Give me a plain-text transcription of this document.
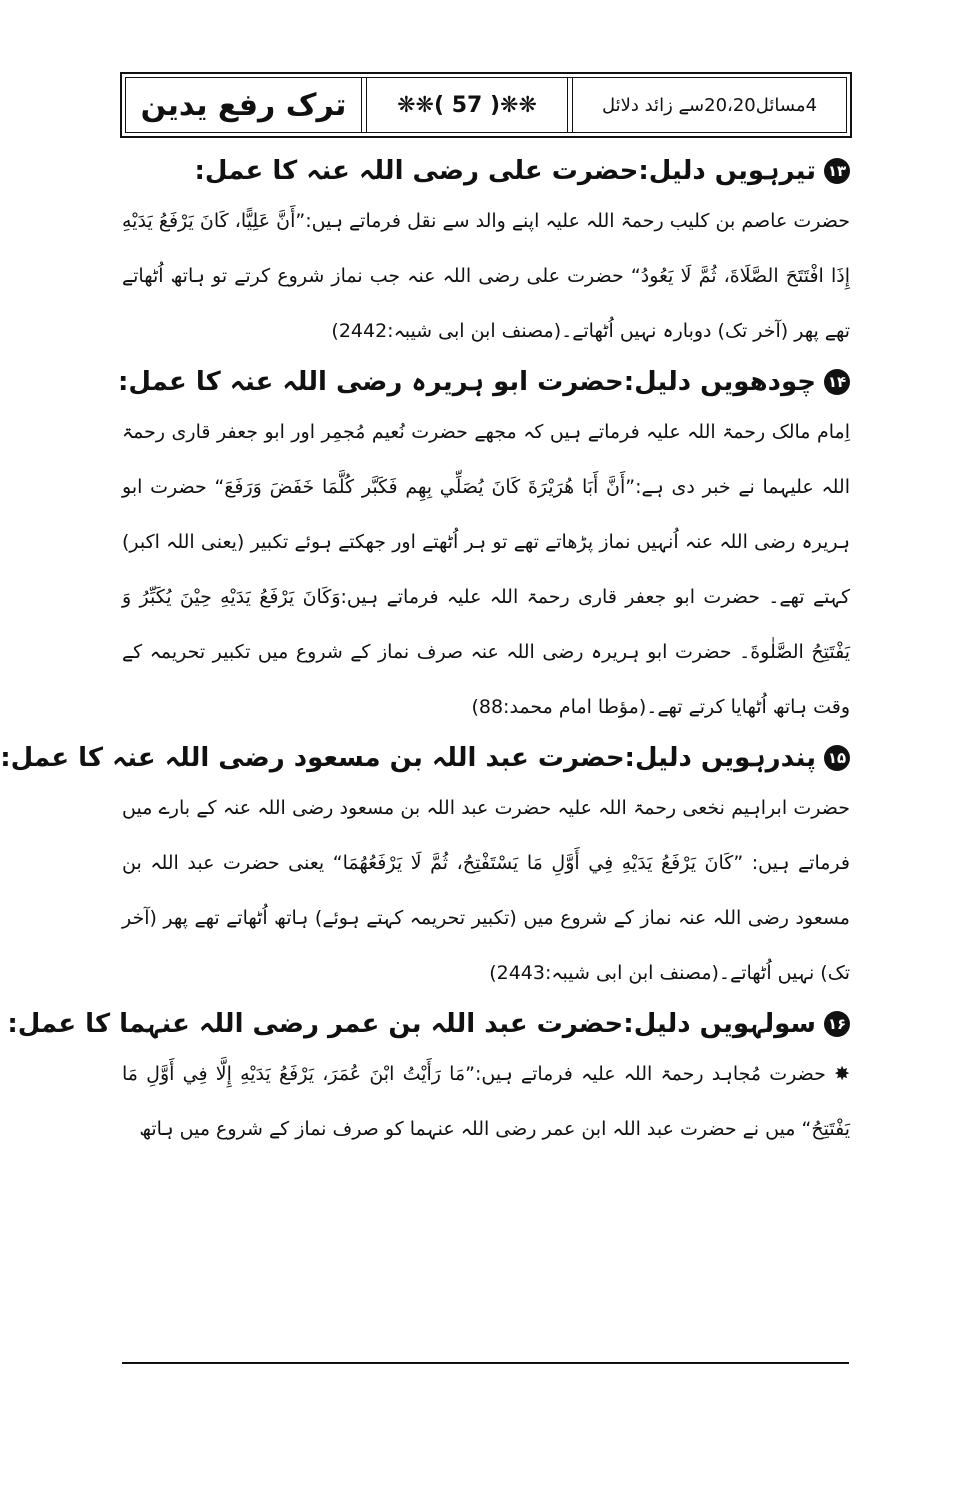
ترک رفع یدین	❋❋( 57 )❋❋	4مسائل20،20سے زائد دلائل
۱۳
تیرہویں دلیل:حضرت علی رضی اللہ عنہ کا عمل:

حضرت عاصم بن کلیب رحمۃ اللہ علیہ اپنے والد سے نقل فرماتے ہیں:”أَنَّ عَلِيًّا، كَانَ يَرْفَعُ يَدَيْهِ إِذَا افْتَتَحَ الصَّلَاةَ، ثُمَّ لَا يَعُودُ“ حضرت علی رضی اللہ عنہ جب نماز شروع کرتے تو ہاتھ اُٹھاتے تھے پھر (آخر تک) دوبارہ نہیں اُٹھاتے۔(مصنف ابن ابی شیبہ:2442)

۱۴
چودھویں دلیل:حضرت ابو ہریرہ رضی اللہ عنہ کا عمل:

اِمام مالک رحمۃ اللہ علیہ فرماتے ہیں کہ مجھے حضرت نُعیم مُجمِر اور ابو جعفر قاری رحمۃ اللہ علیہما نے خبر دی ہے:”أَنَّ أَبَا هُرَيْرَةَ كَانَ يُصَلِّي بِهِم فَكَبَّر كُلَّمَا خَفَضَ وَرَفَعَ“ حضرت ابو ہریرہ رضی اللہ عنہ اُنہیں نماز پڑھاتے تھے تو ہر اُٹھتے اور جھکتے ہوئے تکبیر (یعنی اللہ اکبر) کہتے تھے۔ حضرت ابو جعفر قاری رحمۃ اللہ علیہ فرماتے ہیں:وَكَانَ يَرْفَعُ يَدَيْهِ حِيْنَ يُكَبِّرُ وَ يَفْتَتِحُ الصَّلٰوةَ۔ حضرت ابو ہریرہ رضی اللہ عنہ صرف نماز کے شروع میں تکبیر تحریمہ کے وقت ہاتھ اُٹھایا کرتے تھے۔(مؤطا امام محمد:88)

۱۵
پندرہویں دلیل:حضرت عبد اللہ بن مسعود رضی اللہ عنہ کا عمل:

حضرت ابراہیم نخعی رحمۃ اللہ علیہ حضرت عبد اللہ بن مسعود رضی اللہ عنہ کے بارے میں فرماتے ہیں: ”كَانَ يَرْفَعُ يَدَيْهِ فِي أَوَّلِ مَا يَسْتَفْتِحُ، ثُمَّ لَا يَرْفَعُهُمَا“ یعنی حضرت عبد اللہ بن مسعود رضی اللہ عنہ نماز کے شروع میں (تکبیر تحریمہ کہتے ہوئے) ہاتھ اُٹھاتے تھے پھر (آخر تک) نہیں اُٹھاتے۔(مصنف ابن ابی شیبہ:2443)

۱۶
سولہویں دلیل:حضرت عبد اللہ بن عمر رضی اللہ عنہما کا عمل:

✸ حضرت مُجاہد رحمۃ اللہ علیہ فرماتے ہیں:”مَا رَأَيْتُ ابْنَ عُمَرَ، يَرْفَعُ يَدَيْهِ إِلَّا فِي أَوَّلِ مَا يَفْتَتِحُ“ میں نے حضرت عبد اللہ ابن عمر رضی اللہ عنہما کو صرف نماز کے شروع میں ہاتھ
